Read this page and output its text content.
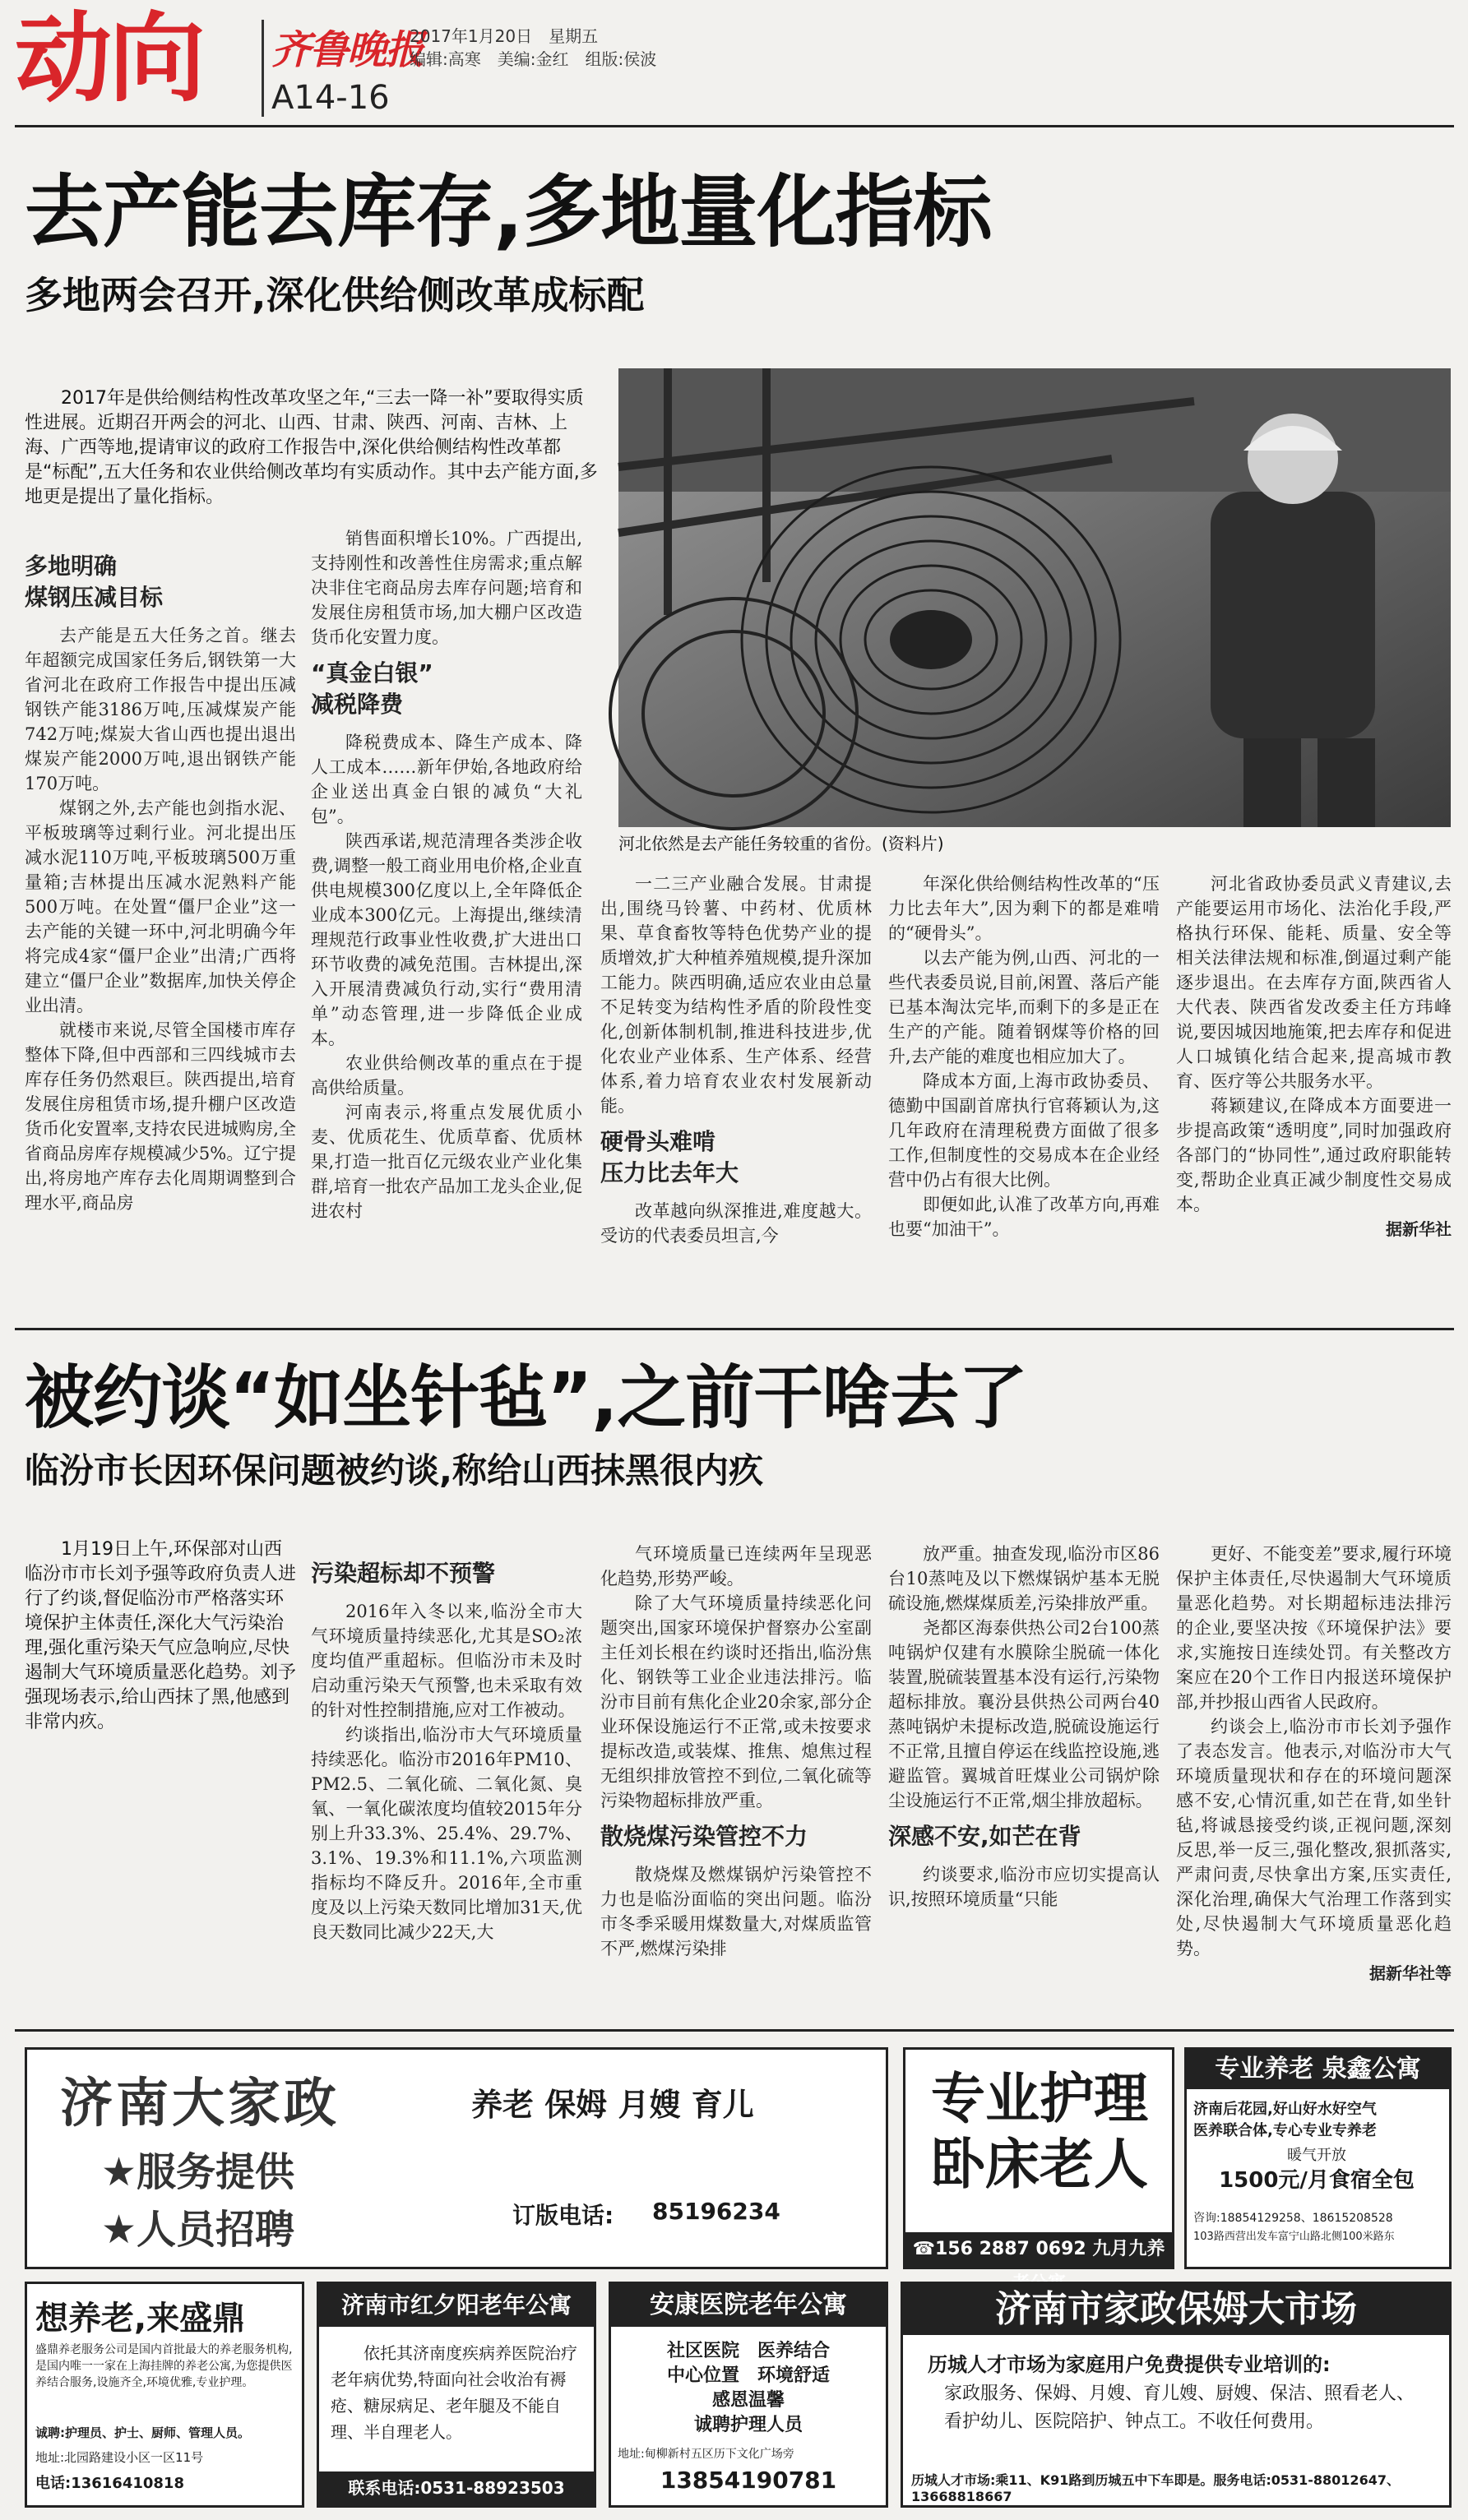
动向 齐鲁晚报
A14-16
2017年1月20日　星期五
编辑:高寒　美编:金红　组版:侯波
去产能去库存,多地量化指标
多地两会召开,深化供给侧改革成标配
2017年是供给侧结构性改革攻坚之年,“三去一降一补”要取得实质性进展。近期召开两会的河北、山西、甘肃、陕西、河南、吉林、上海、广西等地,提请审议的政府工作报告中,深化供给侧结构性改革都是“标配”,五大任务和农业供给侧改革均有实质动作。其中去产能方面,多地更是提出了量化指标。
河北依然是去产能任务较重的省份。(资料片)
多地明确
煤钢压减目标

去产能是五大任务之首。继去年超额完成国家任务后,钢铁第一大省河北在政府工作报告中提出压减钢铁产能3186万吨,压减煤炭产能742万吨;煤炭大省山西也提出退出煤炭产能2000万吨,退出钢铁产能170万吨。

煤钢之外,去产能也剑指水泥、平板玻璃等过剩行业。河北提出压减水泥110万吨,平板玻璃500万重量箱;吉林提出压减水泥熟料产能500万吨。在处置“僵尸企业”这一去产能的关键一环中,河北明确今年将完成4家“僵尸企业”出清;广西将建立“僵尸企业”数据库,加快关停企业出清。

就楼市来说,尽管全国楼市库存整体下降,但中西部和三四线城市去库存任务仍然艰巨。陕西提出,培育发展住房租赁市场,提升棚户区改造货币化安置率,支持农民进城购房,全省商品房库存规模减少5%。辽宁提出,将房地产库存去化周期调整到合理水平,商品房

销售面积增长10%。广西提出,支持刚性和改善性住房需求;重点解决非住宅商品房去库存问题;培育和发展住房租赁市场,加大棚户区改造货币化安置力度。

“真金白银”
减税降费

降税费成本、降生产成本、降人工成本……新年伊始,各地政府给企业送出真金白银的减负“大礼包”。

陕西承诺,规范清理各类涉企收费,调整一般工商业用电价格,企业直供电规模300亿度以上,全年降低企业成本300亿元。上海提出,继续清理规范行政事业性收费,扩大进出口环节收费的减免范围。吉林提出,深入开展清费减负行动,实行“费用清单”动态管理,进一步降低企业成本。

农业供给侧改革的重点在于提高供给质量。

河南表示,将重点发展优质小麦、优质花生、优质草畜、优质林果,打造一批百亿元级农业产业化集群,培育一批农产品加工龙头企业,促进农村

一二三产业融合发展。甘肃提出,围绕马铃薯、中药材、优质林果、草食畜牧等特色优势产业的提质增效,扩大种植养殖规模,提升深加工能力。陕西明确,适应农业由总量不足转变为结构性矛盾的阶段性变化,创新体制机制,推进科技进步,优化农业产业体系、生产体系、经营体系,着力培育农业农村发展新动能。

硬骨头难啃
压力比去年大

改革越向纵深推进,难度越大。受访的代表委员坦言,今

年深化供给侧结构性改革的“压力比去年大”,因为剩下的都是难啃的“硬骨头”。

以去产能为例,山西、河北的一些代表委员说,目前,闲置、落后产能已基本淘汰完毕,而剩下的多是正在生产的产能。随着钢煤等价格的回升,去产能的难度也相应加大了。

降成本方面,上海市政协委员、德勤中国副首席执行官蒋颖认为,这几年政府在清理税费方面做了很多工作,但制度性的交易成本在企业经营中仍占有很大比例。

即便如此,认准了改革方向,再难也要“加油干”。

河北省政协委员武义青建议,去产能要运用市场化、法治化手段,严格执行环保、能耗、质量、安全等相关法律法规和标准,倒逼过剩产能逐步退出。在去库存方面,陕西省人大代表、陕西省发改委主任方玮峰说,要因城因地施策,把去库存和促进人口城镇化结合起来,提高城市教育、医疗等公共服务水平。

蒋颖建议,在降成本方面要进一步提高政策“透明度”,同时加强政府各部门的“协同性”,通过政府职能转变,帮助企业真正减少制度性交易成本。

据新华社
被约谈“如坐针毡”,之前干啥去了
临汾市长因环保问题被约谈,称给山西抹黑很内疚
1月19日上午,环保部对山西临汾市市长刘予强等政府负责人进行了约谈,督促临汾市严格落实环境保护主体责任,深化大气污染治理,强化重污染天气应急响应,尽快遏制大气环境质量恶化趋势。刘予强现场表示,给山西抹了黑,他感到非常内疚。
污染超标却不预警

2016年入冬以来,临汾全市大气环境质量持续恶化,尤其是SO₂浓度均值严重超标。但临汾市未及时启动重污染天气预警,也未采取有效的针对性控制措施,应对工作被动。

约谈指出,临汾市大气环境质量持续恶化。临汾市2016年PM10、PM2.5、二氧化硫、二氧化氮、臭氧、一氧化碳浓度均值较2015年分别上升33.3%、25.4%、29.7%、3.1%、19.3%和11.1%,六项监测指标均不降反升。2016年,全市重度及以上污染天数同比增加31天,优良天数同比减少22天,大

气环境质量已连续两年呈现恶化趋势,形势严峻。

除了大气环境质量持续恶化问题突出,国家环境保护督察办公室副主任刘长根在约谈时还指出,临汾焦化、钢铁等工业企业违法排污。临汾市目前有焦化企业20余家,部分企业环保设施运行不正常,或未按要求提标改造,或装煤、推焦、熄焦过程无组织排放管控不到位,二氧化硫等污染物超标排放严重。

散烧煤污染管控不力

散烧煤及燃煤锅炉污染管控不力也是临汾面临的突出问题。临汾市冬季采暖用煤数量大,对煤质监管不严,燃煤污染排

放严重。抽查发现,临汾市区86台10蒸吨及以下燃煤锅炉基本无脱硫设施,燃煤煤质差,污染排放严重。

尧都区海泰供热公司2台100蒸吨锅炉仅建有水膜除尘脱硫一体化装置,脱硫装置基本没有运行,污染物超标排放。襄汾县供热公司两台40蒸吨锅炉未提标改造,脱硫设施运行不正常,且擅自停运在线监控设施,逃避监管。翼城首旺煤业公司锅炉除尘设施运行不正常,烟尘排放超标。

深感不安,如芒在背

约谈要求,临汾市应切实提高认识,按照环境质量“只能

更好、不能变差”要求,履行环境保护主体责任,尽快遏制大气环境质量恶化趋势。对长期超标违法排污的企业,要坚决按《环境保护法》要求,实施按日连续处罚。有关整改方案应在20个工作日内报送环境保护部,并抄报山西省人民政府。

约谈会上,临汾市市长刘予强作了表态发言。他表示,对临汾市大气环境质量现状和存在的环境问题深感不安,心情沉重,如芒在背,如坐针毡,将诚恳接受约谈,正视问题,深刻反思,举一反三,强化整改,狠抓落实,严肃问责,尽快拿出方案,压实责任,深化治理,确保大气治理工作落到实处,尽快遏制大气环境质量恶化趋势。

据新华社等
济南大家政	养老 保姆 月嫂 育儿
★服务提供
★人员招聘	订版电话: 85196234
专业护理
卧床老人
☎156 2887 0692 九月九养
专业养老 泉鑫公寓
济南后花园,好山好水好空气
医养联合体,专心专业专养老
暖气开放
1500元/月食宿全包
咨询:18854129258、18615208528
103路西营出发车富宁山路北侧100米路东
想养老,来盛鼎
盛鼎养老服务公司是国内首批最大的养老服务机构,是国内唯一一家在上海挂牌的养老公寓,为您提供医养结合服务,设施齐全,环境优雅,专业护理。
诚聘:护理员、护士、厨师、管理人员。
地址:北园路建设小区一区11号
电话:13616410818
济南市红夕阳老年公寓
依托其济南度疾病养医院治疗老年病优势,特面向社会收治有褥疮、糖尿病足、老年腿及不能自理、半自理老人。
联系电话:0531-88923503
安康医院老年公寓
社区医院　医养结合
中心位置　环境舒适
感恩温馨
诚聘护理人员
地址:甸柳新村五区历下文化广场旁
13854190781
济南市家政保姆大市场
历城人才市场为家庭用户免费提供专业培训的:
家政服务、保姆、月嫂、育儿嫂、厨嫂、保洁、照看老人、
看护幼儿、医院陪护、钟点工。不收任何费用。
历城人才市场:乘11、K91路到历城五中下车即是。服务电话:0531-88012647、13668818667
